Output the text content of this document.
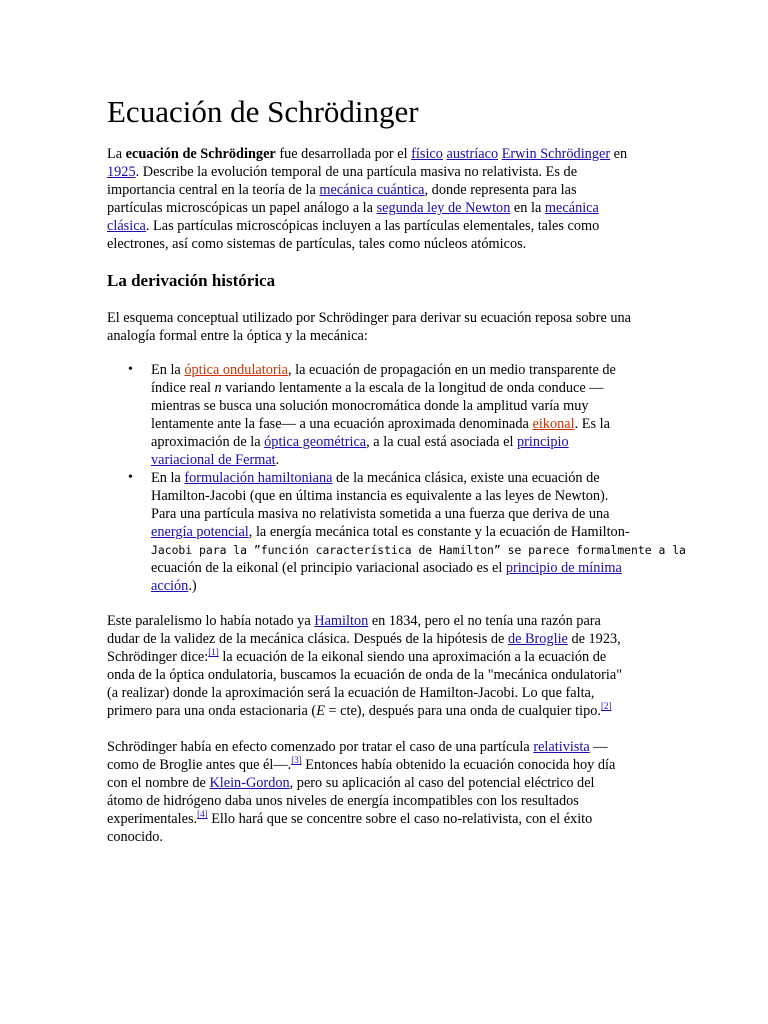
Ecuación de Schrödinger
La ecuación de Schrödinger fue desarrollada por el físico austríaco Erwin Schrödinger en
1925. Describe la evolución temporal de una partícula masiva no relativista. Es de
importancia central en la teoría de la mecánica cuántica, donde representa para las
partículas microscópicas un papel análogo a la segunda ley de Newton en la mecánica
clásica. Las partículas microscópicas incluyen a las partículas elementales, tales como
electrones, así como sistemas de partículas, tales como núcleos atómicos.
La derivación histórica
El esquema conceptual utilizado por Schrödinger para derivar su ecuación reposa sobre una
analogía formal entre la óptica y la mecánica:
• En la óptica ondulatoria, la ecuación de propagación en un medio transparente de
índice real n variando lentamente a la escala de la longitud de onda conduce —
mientras se busca una solución monocromática donde la amplitud varía muy
lentamente ante la fase— a una ecuación aproximada denominada eikonal. Es la
aproximación de la óptica geométrica, a la cual está asociada el principio
variacional de Fermat.
• En la formulación hamiltoniana de la mecánica clásica, existe una ecuación de
Hamilton-Jacobi (que en última instancia es equivalente a las leyes de Newton).
Para una partícula masiva no relativista sometida a una fuerza que deriva de una
energía potencial, la energía mecánica total es constante y la ecuación de Hamilton-
Jacobi para la ”función característica de Hamilton” se parece formalmente a la
ecuación de la eikonal (el principio variacional asociado es el principio de mínima
acción.)
Este paralelismo lo había notado ya Hamilton en 1834, pero el no tenía una razón para
dudar de la validez de la mecánica clásica. Después de la hipótesis de de Broglie de 1923,
Schrödinger dice:[1] la ecuación de la eikonal siendo una aproximación a la ecuación de
onda de la óptica ondulatoria, buscamos la ecuación de onda de la "mecánica ondulatoria"
(a realizar) donde la aproximación será la ecuación de Hamilton-Jacobi. Lo que falta,
primero para una onda estacionaria (E = cte), después para una onda de cualquier tipo.[2]
Schrödinger había en efecto comenzado por tratar el caso de una partícula relativista —
como de Broglie antes que él—.[3] Entonces había obtenido la ecuación conocida hoy día
con el nombre de Klein-Gordon, pero su aplicación al caso del potencial eléctrico del
átomo de hidrógeno daba unos niveles de energía incompatibles con los resultados
experimentales.[4] Ello hará que se concentre sobre el caso no-relativista, con el éxito
conocido.
